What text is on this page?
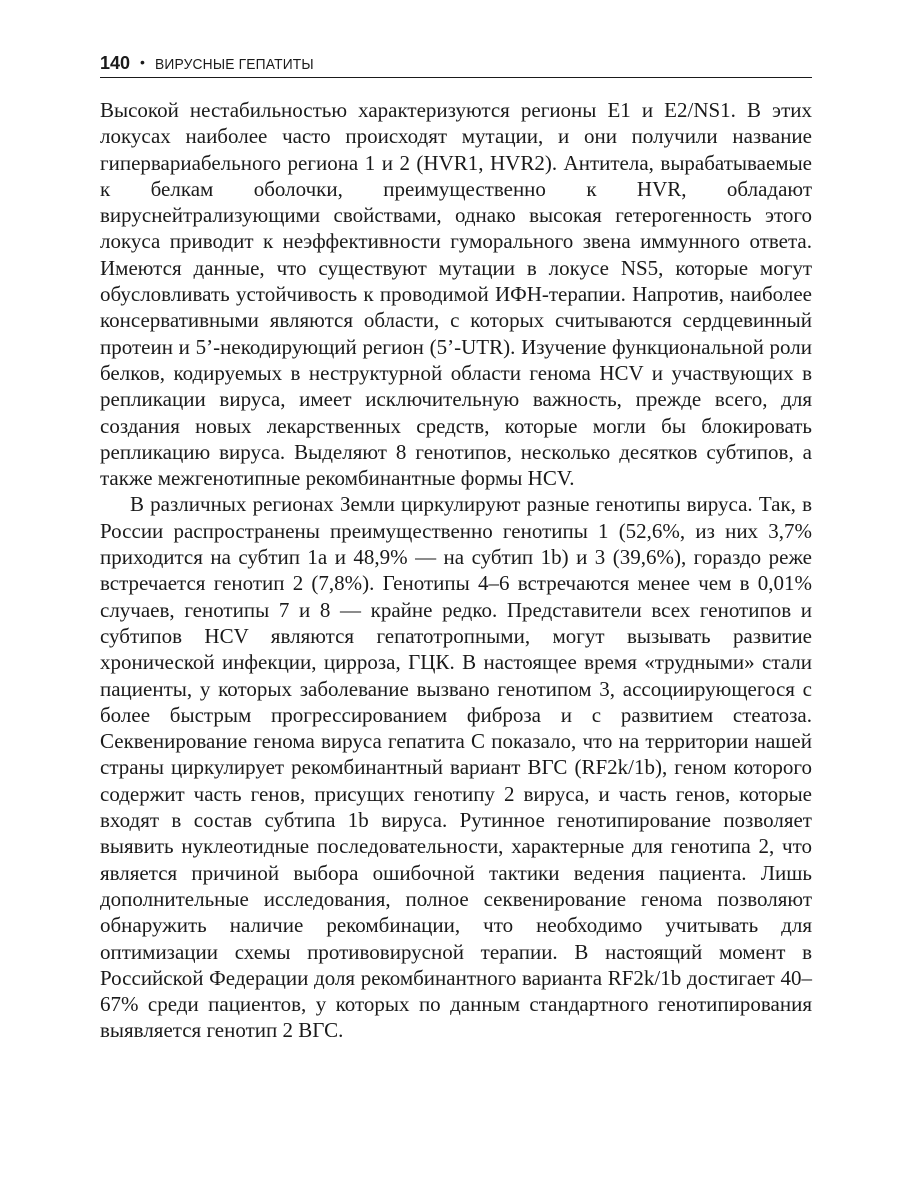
140 • ВИРУСНЫЕ ГЕПАТИТЫ

Высокой нестабильностью характеризуются регионы E1 и E2/NS1. В этих локусах наиболее часто происходят мутации, и они получили название гипервариабельного региона 1 и 2 (HVR1, HVR2). Антитела, вырабатываемые к белкам оболочки, преимущественно к HVR, обладают вируснейтрализующими свойствами, однако высокая гетерогенность этого локуса приводит к неэффективности гуморального звена иммунного ответа. Имеются данные, что существуют мутации в локусе NS5, которые могут обусловливать устойчивость к проводимой ИФН-терапии. Напротив, наиболее консервативными являются области, с которых считываются сердцевинный протеин и 5’-некодирующий регион (5’-UTR). Изучение функциональной роли белков, кодируемых в неструктурной области генома HCV и участвующих в репликации вируса, имеет исключительную важность, прежде всего, для создания новых лекарственных средств, которые могли бы блокировать репликацию вируса. Выделяют 8 генотипов, несколько десятков субтипов, а также межгенотипные рекомбинантные формы HCV.

В различных регионах Земли циркулируют разные генотипы вируса. Так, в России распространены преимущественно генотипы 1 (52,6%, из них 3,7% приходится на субтип 1a и 48,9% — на субтип 1b) и 3 (39,6%), гораздо реже встречается генотип 2 (7,8%). Генотипы 4–6 встречаются менее чем в 0,01% случаев, генотипы 7 и 8 — крайне редко. Представители всех генотипов и субтипов HCV являются гепатотропными, могут вызывать развитие хронической инфекции, цирроза, ГЦК. В настоящее время «трудными» стали пациенты, у которых заболевание вызвано генотипом 3, ассоциирующегося с более быстрым прогрессированием фиброза и с развитием стеатоза. Секвенирование генома вируса гепатита С показало, что на территории нашей страны циркулирует рекомбинантный вариант ВГС (RF2k/1b), геном которого содержит часть генов, присущих генотипу 2 вируса, и часть генов, которые входят в состав субтипа 1b вируса. Рутинное генотипирование позволяет выявить нуклеотидные последовательности, характерные для генотипа 2, что является причиной выбора ошибочной тактики ведения пациента. Лишь дополнительные исследования, полное секвенирование генома позволяют обнаружить наличие рекомбинации, что необходимо учитывать для оптимизации схемы противовирусной терапии. В настоящий момент в Российской Федерации доля рекомбинантного варианта RF2k/1b достигает 40–67% среди пациентов, у которых по данным стандартного генотипирования выявляется генотип 2 ВГС.
